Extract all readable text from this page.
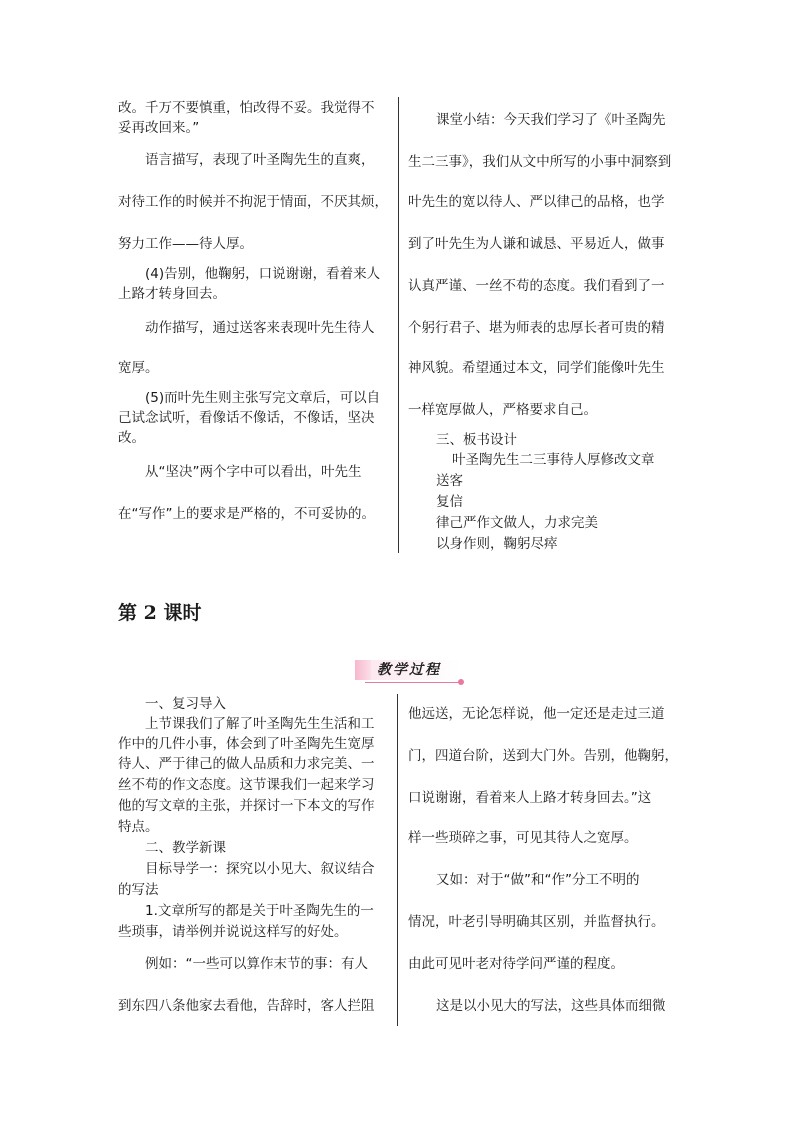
改。千万不要慎重，怕改得不妥。我觉得不
妥再改回来。”
语言描写，表现了叶圣陶先生的直爽，
对待工作的时候并不拘泥于情面，不厌其烦，
努力工作——待人厚。
(4)告别，他鞠躬，口说谢谢，看着来人
上路才转身回去。
动作描写，通过送客来表现叶先生待人
宽厚。
(5)而叶先生则主张写完文章后，可以自
己试念试听，看像话不像话，不像话，坚决
改。
从“坚决”两个字中可以看出，叶先生
在“写作”上的要求是严格的，不可妥协的。
课堂小结：今天我们学习了《叶圣陶先
生二三事》，我们从文中所写的小事中洞察到
叶先生的宽以待人、严以律己的品格，也学
到了叶先生为人谦和诚恳、平易近人，做事
认真严谨、一丝不苟的态度。我们看到了一
个躬行君子、堪为师表的忠厚长者可贵的精
神风貌。希望通过本文，同学们能像叶先生
一样宽厚做人，严格要求自己。
三、板书设计
叶圣陶先生二三事待人厚修改文章
送客
复信
律己严作文做人，力求完美
以身作则，鞠躬尽瘁
第 2 课时
教学过程
一、复习导入
上节课我们了解了叶圣陶先生生活和工
作中的几件小事，体会到了叶圣陶先生宽厚
待人、严于律己的做人品质和力求完美、一
丝不苟的作文态度。这节课我们一起来学习
他的写文章的主张，并探讨一下本文的写作
特点。
二、教学新课
目标导学一：探究以小见大、叙议结合
的写法
1.文章所写的都是关于叶圣陶先生的一
些琐事，请举例并说说这样写的好处。
例如：“一些可以算作末节的事：有人
到东四八条他家去看他，告辞时，客人拦阻
他远送，无论怎样说，他一定还是走过三道
门，四道台阶，送到大门外。告别，他鞠躬，
口说谢谢，看着来人上路才转身回去。”这
样一些琐碎之事，可见其待人之宽厚。
又如：对于“做”和“作”分工不明的
情况，叶老引导明确其区别，并监督执行。
由此可见叶老对待学问严谨的程度。
这是以小见大的写法，这些具体而细微
